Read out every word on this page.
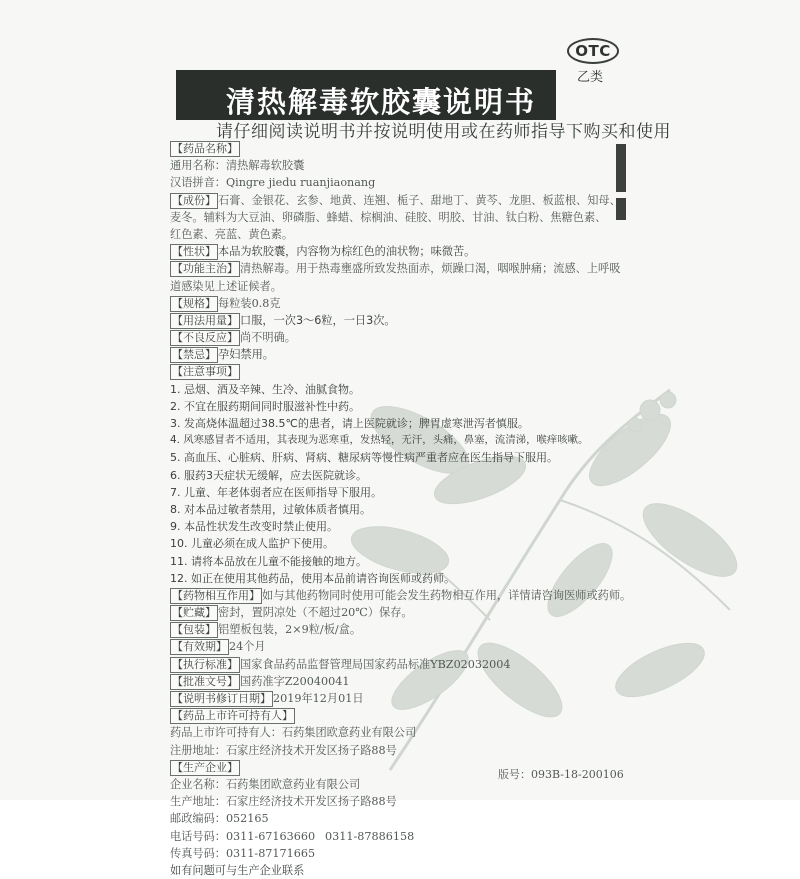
OTC
乙类
清热解毒软胶囊说明书
请仔细阅读说明书并按说明使用或在药师指导下购买和使用
【药品名称】
通用名称：清热解毒软胶囊
汉语拼音：Qingre jiedu ruanjiaonang
【成份】 石膏、金银花、玄参、地黄、连翘、栀子、甜地丁、黄芩、龙胆、板蓝根、知母、
麦冬。辅料为大豆油、卵磷脂、蜂蜡、棕榈油、硅胶、明胶、甘油、钛白粉、焦糖色素、
红色素、亮蓝、黄色素。
【性状】 本品为软胶囊，内容物为棕红色的油状物；味微苦。
【功能主治】 清热解毒。用于热毒壅盛所致发热面赤，烦躁口渴，咽喉肿痛；流感、上呼吸
道感染见上述证候者。
【规格】 每粒装0.8克
【用法用量】 口服，一次3～6粒，一日3次。
【不良反应】 尚不明确。
【禁忌】 孕妇禁用。
【注意事项】
1. 忌烟、酒及辛辣、生冷、油腻食物。
2. 不宜在服药期间同时服滋补性中药。
3. 发高烧体温超过38.5℃的患者，请上医院就诊；脾胃虚寒泄泻者慎服。
4. 风寒感冒者不适用，其表现为恶寒重，发热轻，无汗，头痛，鼻塞，流清涕，喉痒咳嗽。
5. 高血压、心脏病、肝病、肾病、糖尿病等慢性病严重者应在医生指导下服用。
6. 服药3天症状无缓解，应去医院就诊。
7. 儿童、年老体弱者应在医师指导下服用。
8. 对本品过敏者禁用，过敏体质者慎用。
9. 本品性状发生改变时禁止使用。
10. 儿童必须在成人监护下使用。
11. 请将本品放在儿童不能接触的地方。
12. 如正在使用其他药品，使用本品前请咨询医师或药师。
【药物相互作用】 如与其他药物同时使用可能会发生药物相互作用，详情请咨询医师或药师。
【贮藏】 密封，置阴凉处（不超过20℃）保存。
【包装】 铝塑板包装，2×9粒/板/盒。
【有效期】 24个月
【执行标准】 国家食品药品监督管理局国家药品标准YBZ02032004
【批准文号】 国药准字Z20040041
【说明书修订日期】 2019年12月01日
【药品上市许可持有人】
药品上市许可持有人：石药集团欧意药业有限公司
注册地址：石家庄经济技术开发区扬子路88号
【生产企业】
企业名称：石药集团欧意药业有限公司
生产地址：石家庄经济技术开发区扬子路88号
邮政编码：052165
电话号码：0311-67163660 0311-87886158
传真号码：0311-87171665
如有问题可与生产企业联系
版号：093B-18-200106
